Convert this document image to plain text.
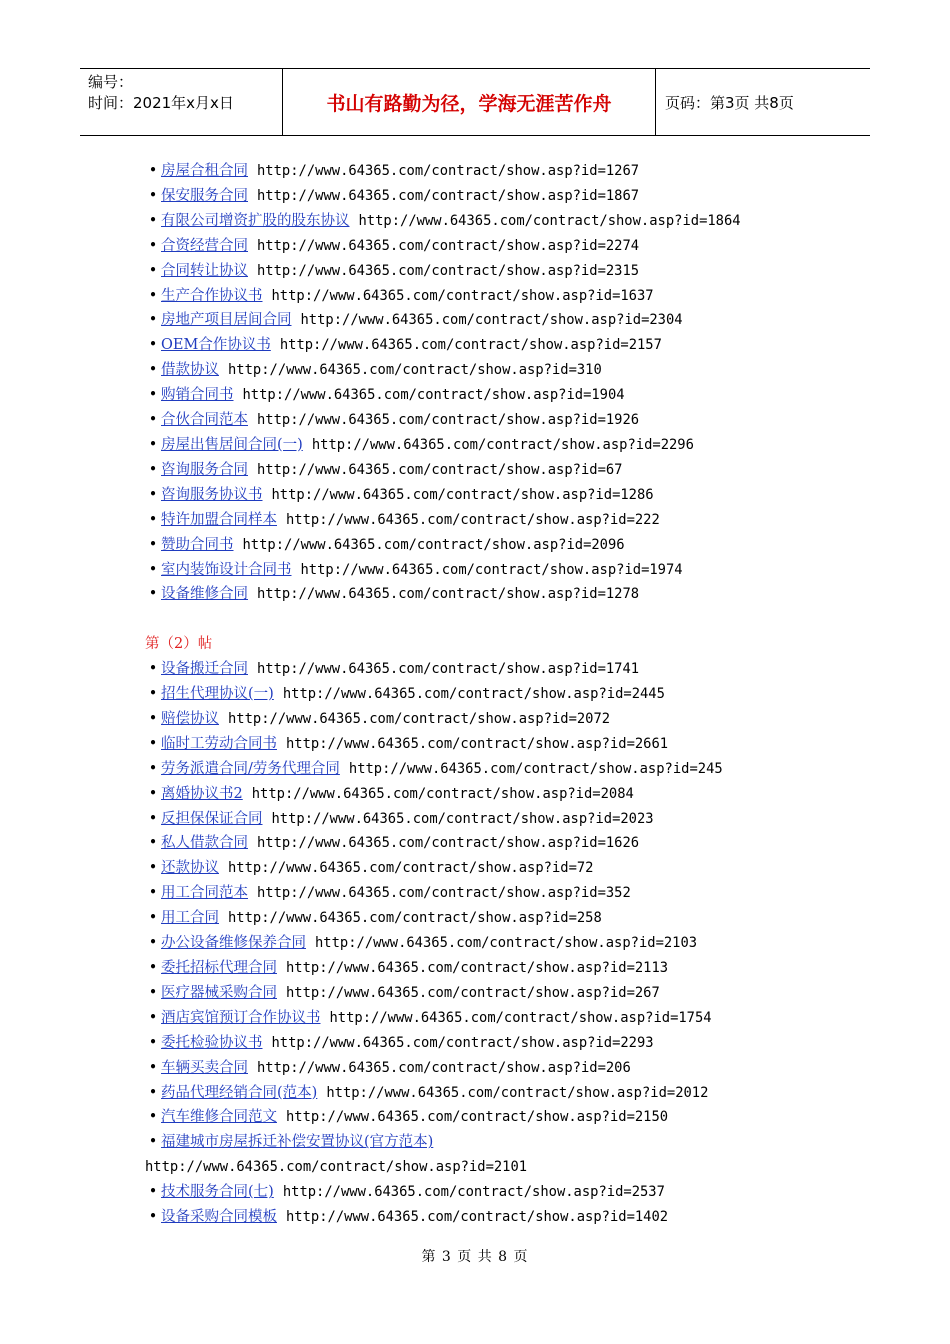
编号：
时间：2021年x月x日	书山有路勤为径，学海无涯苦作舟	页码：第3页 共8页
• 房屋合租合同 http://www.64365.com/contract/show.asp?id=1267
• 保安服务合同 http://www.64365.com/contract/show.asp?id=1867
• 有限公司增资扩股的股东协议 http://www.64365.com/contract/show.asp?id=1864
• 合资经营合同 http://www.64365.com/contract/show.asp?id=2274
• 合同转让协议 http://www.64365.com/contract/show.asp?id=2315
• 生产合作协议书 http://www.64365.com/contract/show.asp?id=1637
• 房地产项目居间合同 http://www.64365.com/contract/show.asp?id=2304
• OEM合作协议书 http://www.64365.com/contract/show.asp?id=2157
• 借款协议 http://www.64365.com/contract/show.asp?id=310
• 购销合同书 http://www.64365.com/contract/show.asp?id=1904
• 合伙合同范本 http://www.64365.com/contract/show.asp?id=1926
• 房屋出售居间合同(一) http://www.64365.com/contract/show.asp?id=2296
• 咨询服务合同 http://www.64365.com/contract/show.asp?id=67
• 咨询服务协议书 http://www.64365.com/contract/show.asp?id=1286
• 特许加盟合同样本 http://www.64365.com/contract/show.asp?id=222
• 赞助合同书 http://www.64365.com/contract/show.asp?id=2096
• 室内装饰设计合同书 http://www.64365.com/contract/show.asp?id=1974
• 设备维修合同 http://www.64365.com/contract/show.asp?id=1278
第（2）帖
• 设备搬迁合同 http://www.64365.com/contract/show.asp?id=1741
• 招生代理协议(一) http://www.64365.com/contract/show.asp?id=2445
• 赔偿协议 http://www.64365.com/contract/show.asp?id=2072
• 临时工劳动合同书 http://www.64365.com/contract/show.asp?id=2661
• 劳务派遣合同/劳务代理合同 http://www.64365.com/contract/show.asp?id=245
• 离婚协议书2 http://www.64365.com/contract/show.asp?id=2084
• 反担保保证合同 http://www.64365.com/contract/show.asp?id=2023
• 私人借款合同 http://www.64365.com/contract/show.asp?id=1626
• 还款协议 http://www.64365.com/contract/show.asp?id=72
• 用工合同范本 http://www.64365.com/contract/show.asp?id=352
• 用工合同 http://www.64365.com/contract/show.asp?id=258
• 办公设备维修保养合同 http://www.64365.com/contract/show.asp?id=2103
• 委托招标代理合同 http://www.64365.com/contract/show.asp?id=2113
• 医疗器械采购合同 http://www.64365.com/contract/show.asp?id=267
• 酒店宾馆预订合作协议书 http://www.64365.com/contract/show.asp?id=1754
• 委托检验协议书 http://www.64365.com/contract/show.asp?id=2293
• 车辆买卖合同 http://www.64365.com/contract/show.asp?id=206
• 药品代理经销合同(范本) http://www.64365.com/contract/show.asp?id=2012
• 汽车维修合同范文 http://www.64365.com/contract/show.asp?id=2150
• 福建城市房屋拆迁补偿安置协议(官方范本)
http://www.64365.com/contract/show.asp?id=2101
• 技术服务合同(七) http://www.64365.com/contract/show.asp?id=2537
• 设备采购合同模板 http://www.64365.com/contract/show.asp?id=1402
第 3 页 共 8 页
